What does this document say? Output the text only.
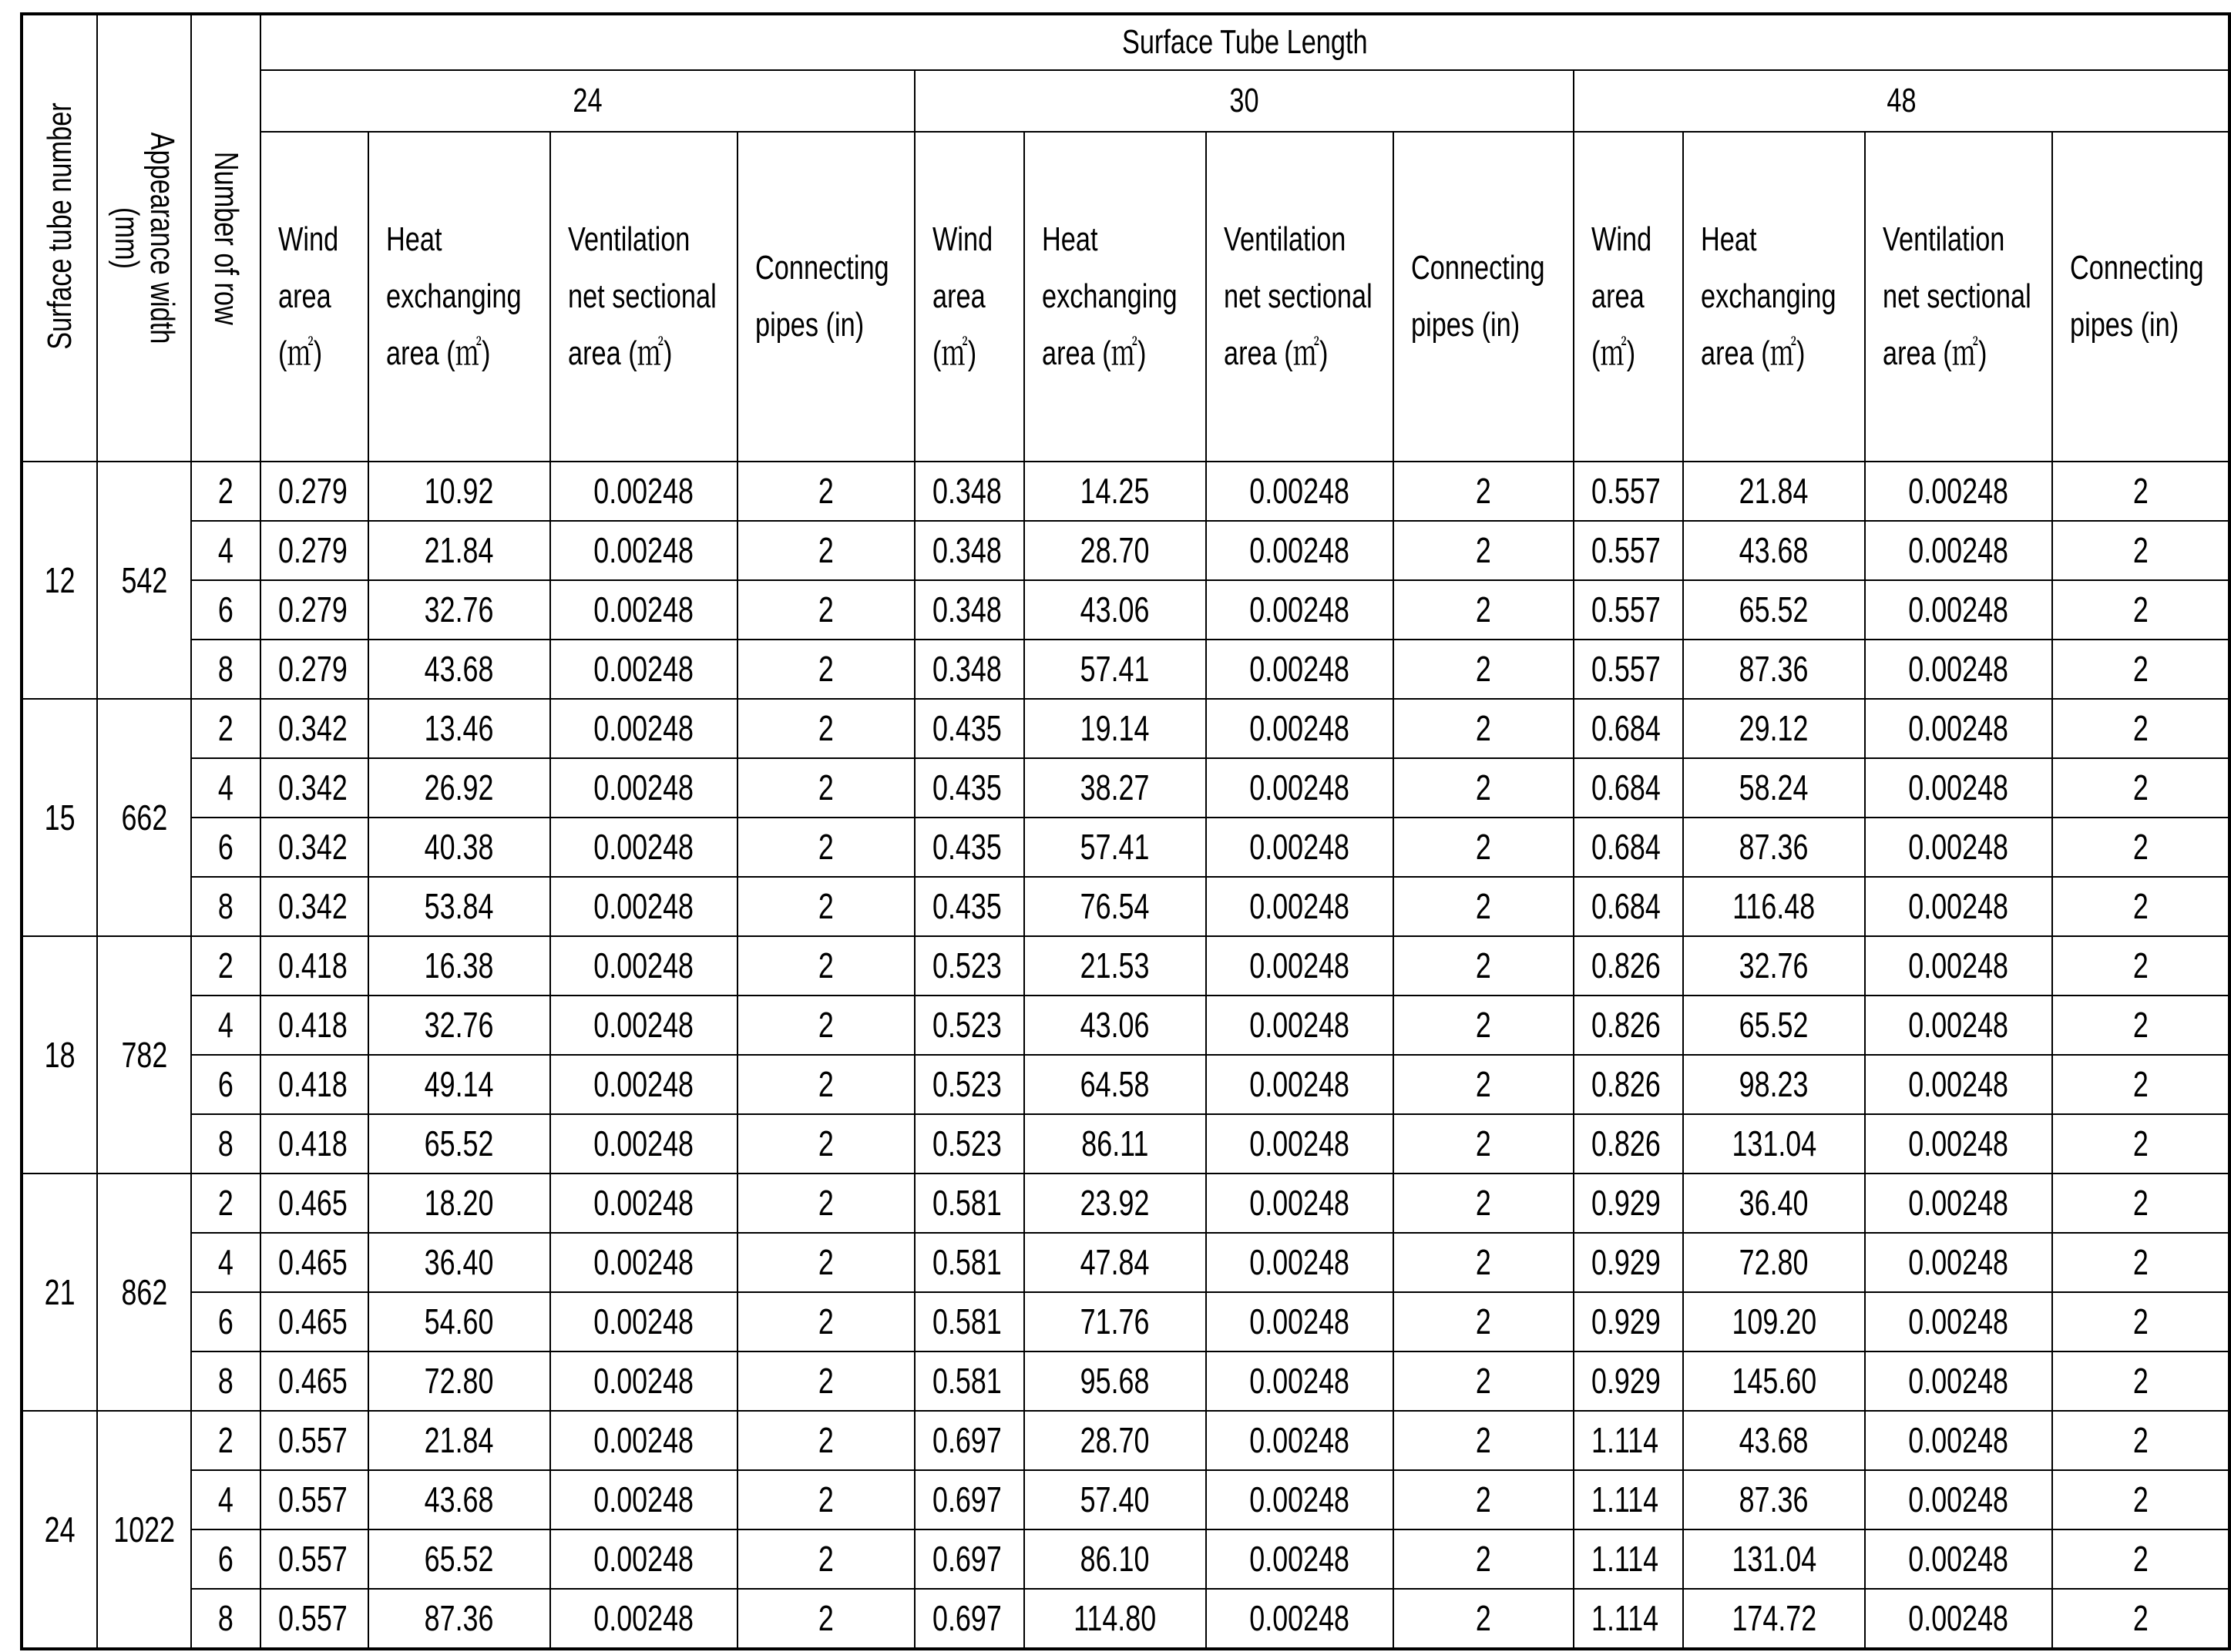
Surface tube number	Appearance width (mm)	Number of row	Surface Tube Length											
			24				30				48			
			Wind area (㎡)	Heat exchanging area (㎡)	Ventilation net sectional area (㎡)	Connecting pipes (in)	Wind area (㎡)	Heat exchanging area (㎡)	Ventilation net sectional area (㎡)	Connecting pipes (in)	Wind area (㎡)	Heat exchanging area (㎡)	Ventilation net sectional area (㎡)	Connecting pipes (in)
12	542	2	0.279	10.92	0.00248	2	0.348	14.25	0.00248	2	0.557	21.84	0.00248	2
		4	0.279	21.84	0.00248	2	0.348	28.70	0.00248	2	0.557	43.68	0.00248	2
		6	0.279	32.76	0.00248	2	0.348	43.06	0.00248	2	0.557	65.52	0.00248	2
		8	0.279	43.68	0.00248	2	0.348	57.41	0.00248	2	0.557	87.36	0.00248	2
15	662	2	0.342	13.46	0.00248	2	0.435	19.14	0.00248	2	0.684	29.12	0.00248	2
		4	0.342	26.92	0.00248	2	0.435	38.27	0.00248	2	0.684	58.24	0.00248	2
		6	0.342	40.38	0.00248	2	0.435	57.41	0.00248	2	0.684	87.36	0.00248	2
		8	0.342	53.84	0.00248	2	0.435	76.54	0.00248	2	0.684	116.48	0.00248	2
18	782	2	0.418	16.38	0.00248	2	0.523	21.53	0.00248	2	0.826	32.76	0.00248	2
		4	0.418	32.76	0.00248	2	0.523	43.06	0.00248	2	0.826	65.52	0.00248	2
		6	0.418	49.14	0.00248	2	0.523	64.58	0.00248	2	0.826	98.23	0.00248	2
		8	0.418	65.52	0.00248	2	0.523	86.11	0.00248	2	0.826	131.04	0.00248	2
21	862	2	0.465	18.20	0.00248	2	0.581	23.92	0.00248	2	0.929	36.40	0.00248	2
		4	0.465	36.40	0.00248	2	0.581	47.84	0.00248	2	0.929	72.80	0.00248	2
		6	0.465	54.60	0.00248	2	0.581	71.76	0.00248	2	0.929	109.20	0.00248	2
		8	0.465	72.80	0.00248	2	0.581	95.68	0.00248	2	0.929	145.60	0.00248	2
24	1022	2	0.557	21.84	0.00248	2	0.697	28.70	0.00248	2	1.114	43.68	0.00248	2
		4	0.557	43.68	0.00248	2	0.697	57.40	0.00248	2	1.114	87.36	0.00248	2
		6	0.557	65.52	0.00248	2	0.697	86.10	0.00248	2	1.114	131.04	0.00248	2
		8	0.557	87.36	0.00248	2	0.697	114.80	0.00248	2	1.114	174.72	0.00248	2
